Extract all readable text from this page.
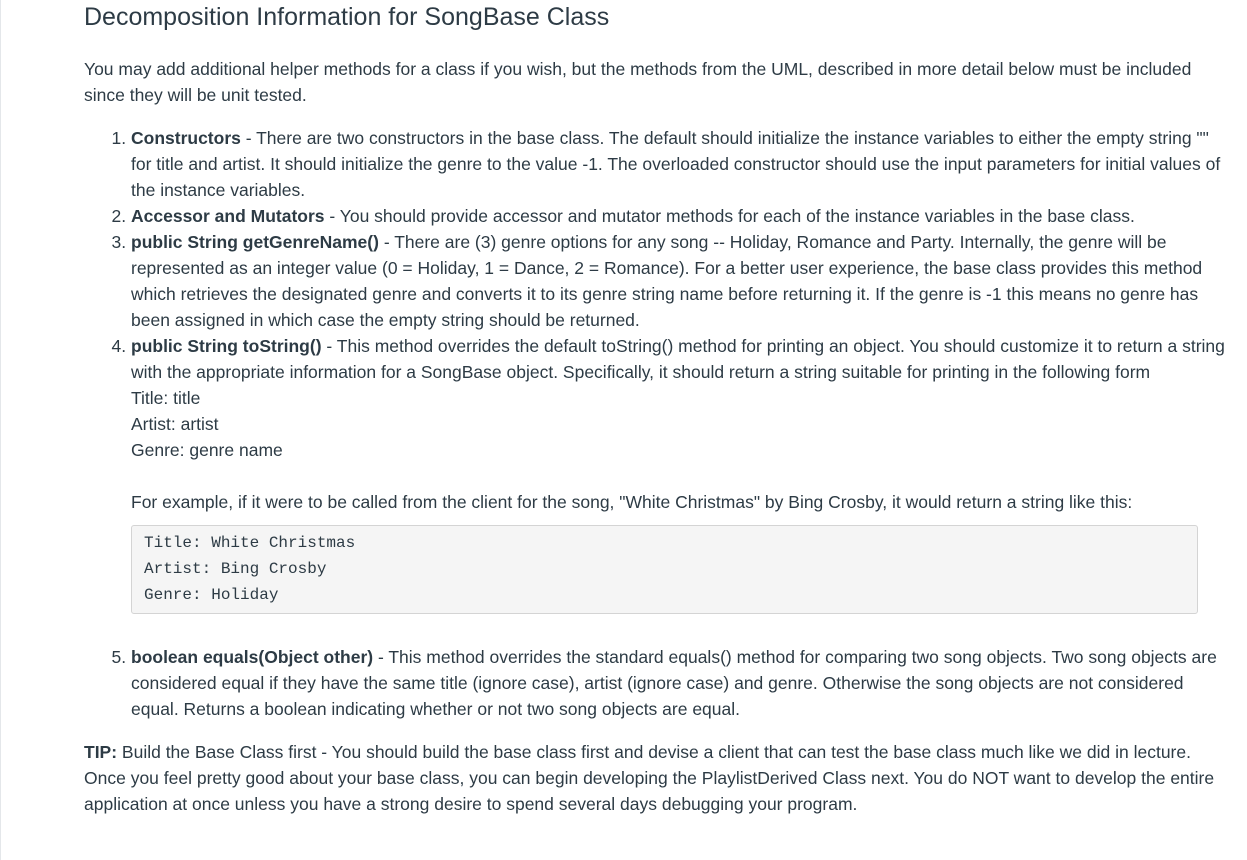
Decomposition Information for SongBase Class

You may add additional helper methods for a class if you wish, but the methods from the UML, described in more detail below must be included since they will be unit tested.

1. Constructors - There are two constructors in the base class. The default should initialize the instance variables to either the empty string "" for title and artist. It should initialize the genre to the value -1. The overloaded constructor should use the input parameters for initial values of the instance variables.
2. Accessor and Mutators - You should provide accessor and mutator methods for each of the instance variables in the base class.
3. public String getGenreName() - There are (3) genre options for any song -- Holiday, Romance and Party. Internally, the genre will be represented as an integer value (0 = Holiday, 1 = Dance, 2 = Romance). For a better user experience, the base class provides this method which retrieves the designated genre and converts it to its genre string name before returning it. If the genre is -1 this means no genre has been assigned in which case the empty string should be returned.
4. public String toString() - This method overrides the default toString() method for printing an object. You should customize it to return a string with the appropriate information for a SongBase object. Specifically, it should return a string suitable for printing in the following form
Title: title
Artist: artist
Genre: genre name
For example, if it were to be called from the client for the song, "White Christmas" by Bing Crosby, it would return a string like this:
Title: White Christmas
Artist: Bing Crosby
Genre: Holiday
5. boolean equals(Object other) - This method overrides the standard equals() method for comparing two song objects. Two song objects are considered equal if they have the same title (ignore case), artist (ignore case) and genre. Otherwise the song objects are not considered equal. Returns a boolean indicating whether or not two song objects are equal.

TIP: Build the Base Class first - You should build the base class first and devise a client that can test the base class much like we did in lecture. Once you feel pretty good about your base class, you can begin developing the PlaylistDerived Class next. You do NOT want to develop the entire application at once unless you have a strong desire to spend several days debugging your program.
